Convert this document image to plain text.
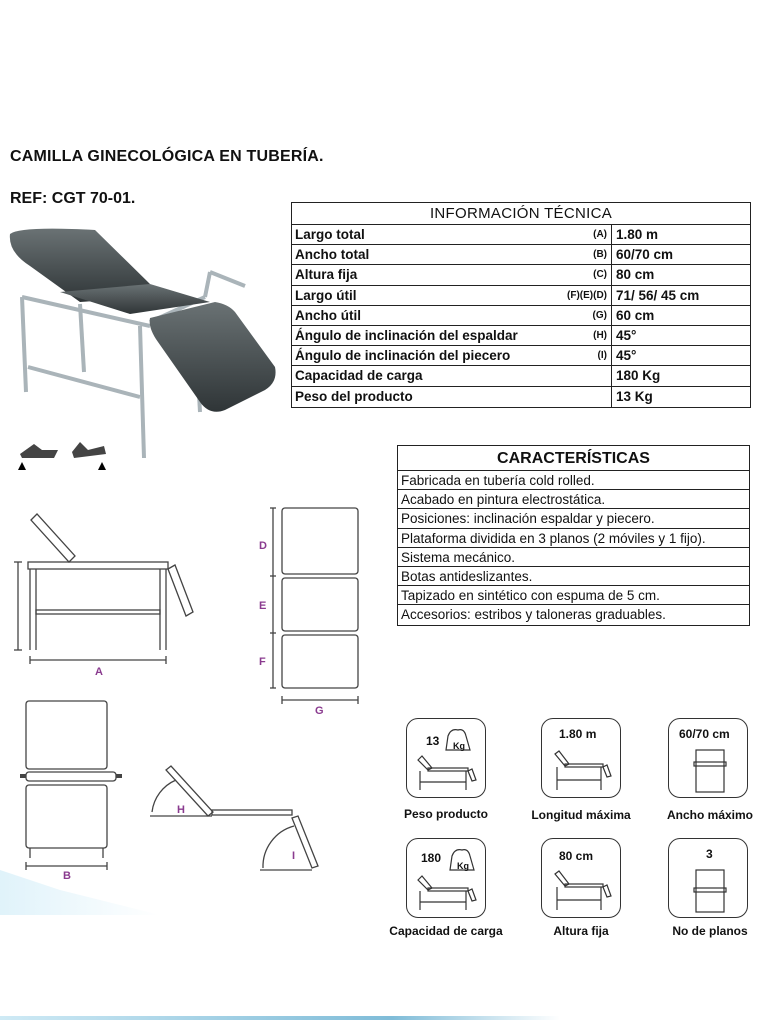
CAMILLA GINECOLÓGICA EN TUBERÍA.
REF: CGT 70-01.
INFORMACIÓN TÉCNICA
Largo total	(A) 1.80 m
Ancho total	(B) 60/70 cm
Altura fija	(C) 80 cm
Largo útil	(F)(E)(D) 71/ 56/ 45 cm
Ancho útil	(G) 60 cm
Ángulo de inclinación del espaldar	(H) 45°
Ángulo de inclinación del piecero	(I) 45°
Capacidad de carga	180 Kg
Peso del producto	13 Kg
CARACTERÍSTICAS
Fabricada en tubería cold rolled.
Acabado en pintura electrostática.
Posiciones: inclinación espaldar y piecero.
Plataforma dividida en 3 planos (2 móviles y 1 fijo).
Sistema mecánico.
Botas antideslizantes.
Tapizado en sintético con espuma de 5 cm.
Accesorios: estribos y taloneras graduables.
A
D
E
F
G
B
H
I
13 Kg
Peso producto
1.80 m
Longitud máxima
60/70 cm
Ancho máximo
180
Kg
Capacidad de carga
80 cm
Altura fija
3
No de planos
